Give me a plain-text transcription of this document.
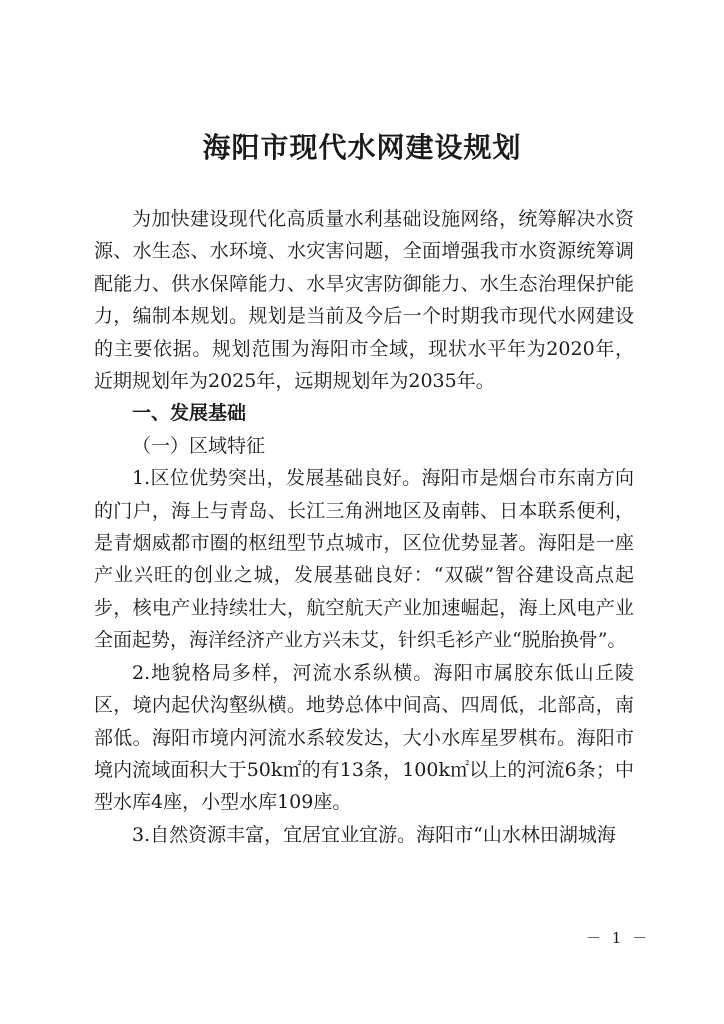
海阳市现代水网建设规划

为加快建设现代化高质量水利基础设施网络，统筹解决水资源、水生态、水环境、水灾害问题，全面增强我市水资源统筹调配能力、供水保障能力、水旱灾害防御能力、水生态治理保护能力，编制本规划。规划是当前及今后一个时期我市现代水网建设的主要依据。规划范围为海阳市全域，现状水平年为2020年，近期规划年为2025年，远期规划年为2035年。

一、发展基础

（一）区域特征

1.区位优势突出，发展基础良好。海阳市是烟台市东南方向的门户，海上与青岛、长江三角洲地区及南韩、日本联系便利，是青烟威都市圈的枢纽型节点城市，区位优势显著。海阳是一座产业兴旺的创业之城，发展基础良好：“双碳”智谷建设高点起步，核电产业持续壮大，航空航天产业加速崛起，海上风电产业全面起势，海洋经济产业方兴未艾，针织毛衫产业“脱胎换骨”。

2.地貌格局多样，河流水系纵横。海阳市属胶东低山丘陵区，境内起伏沟壑纵横。地势总体中间高、四周低，北部高，南部低。海阳市境内河流水系较发达，大小水库星罗棋布。海阳市境内流域面积大于50k㎡的有13条，100k㎡以上的河流6条；中型水库4座，小型水库109座。

3.自然资源丰富，宜居宜业宜游。海阳市“山水林田湖城海

－ 1 －
